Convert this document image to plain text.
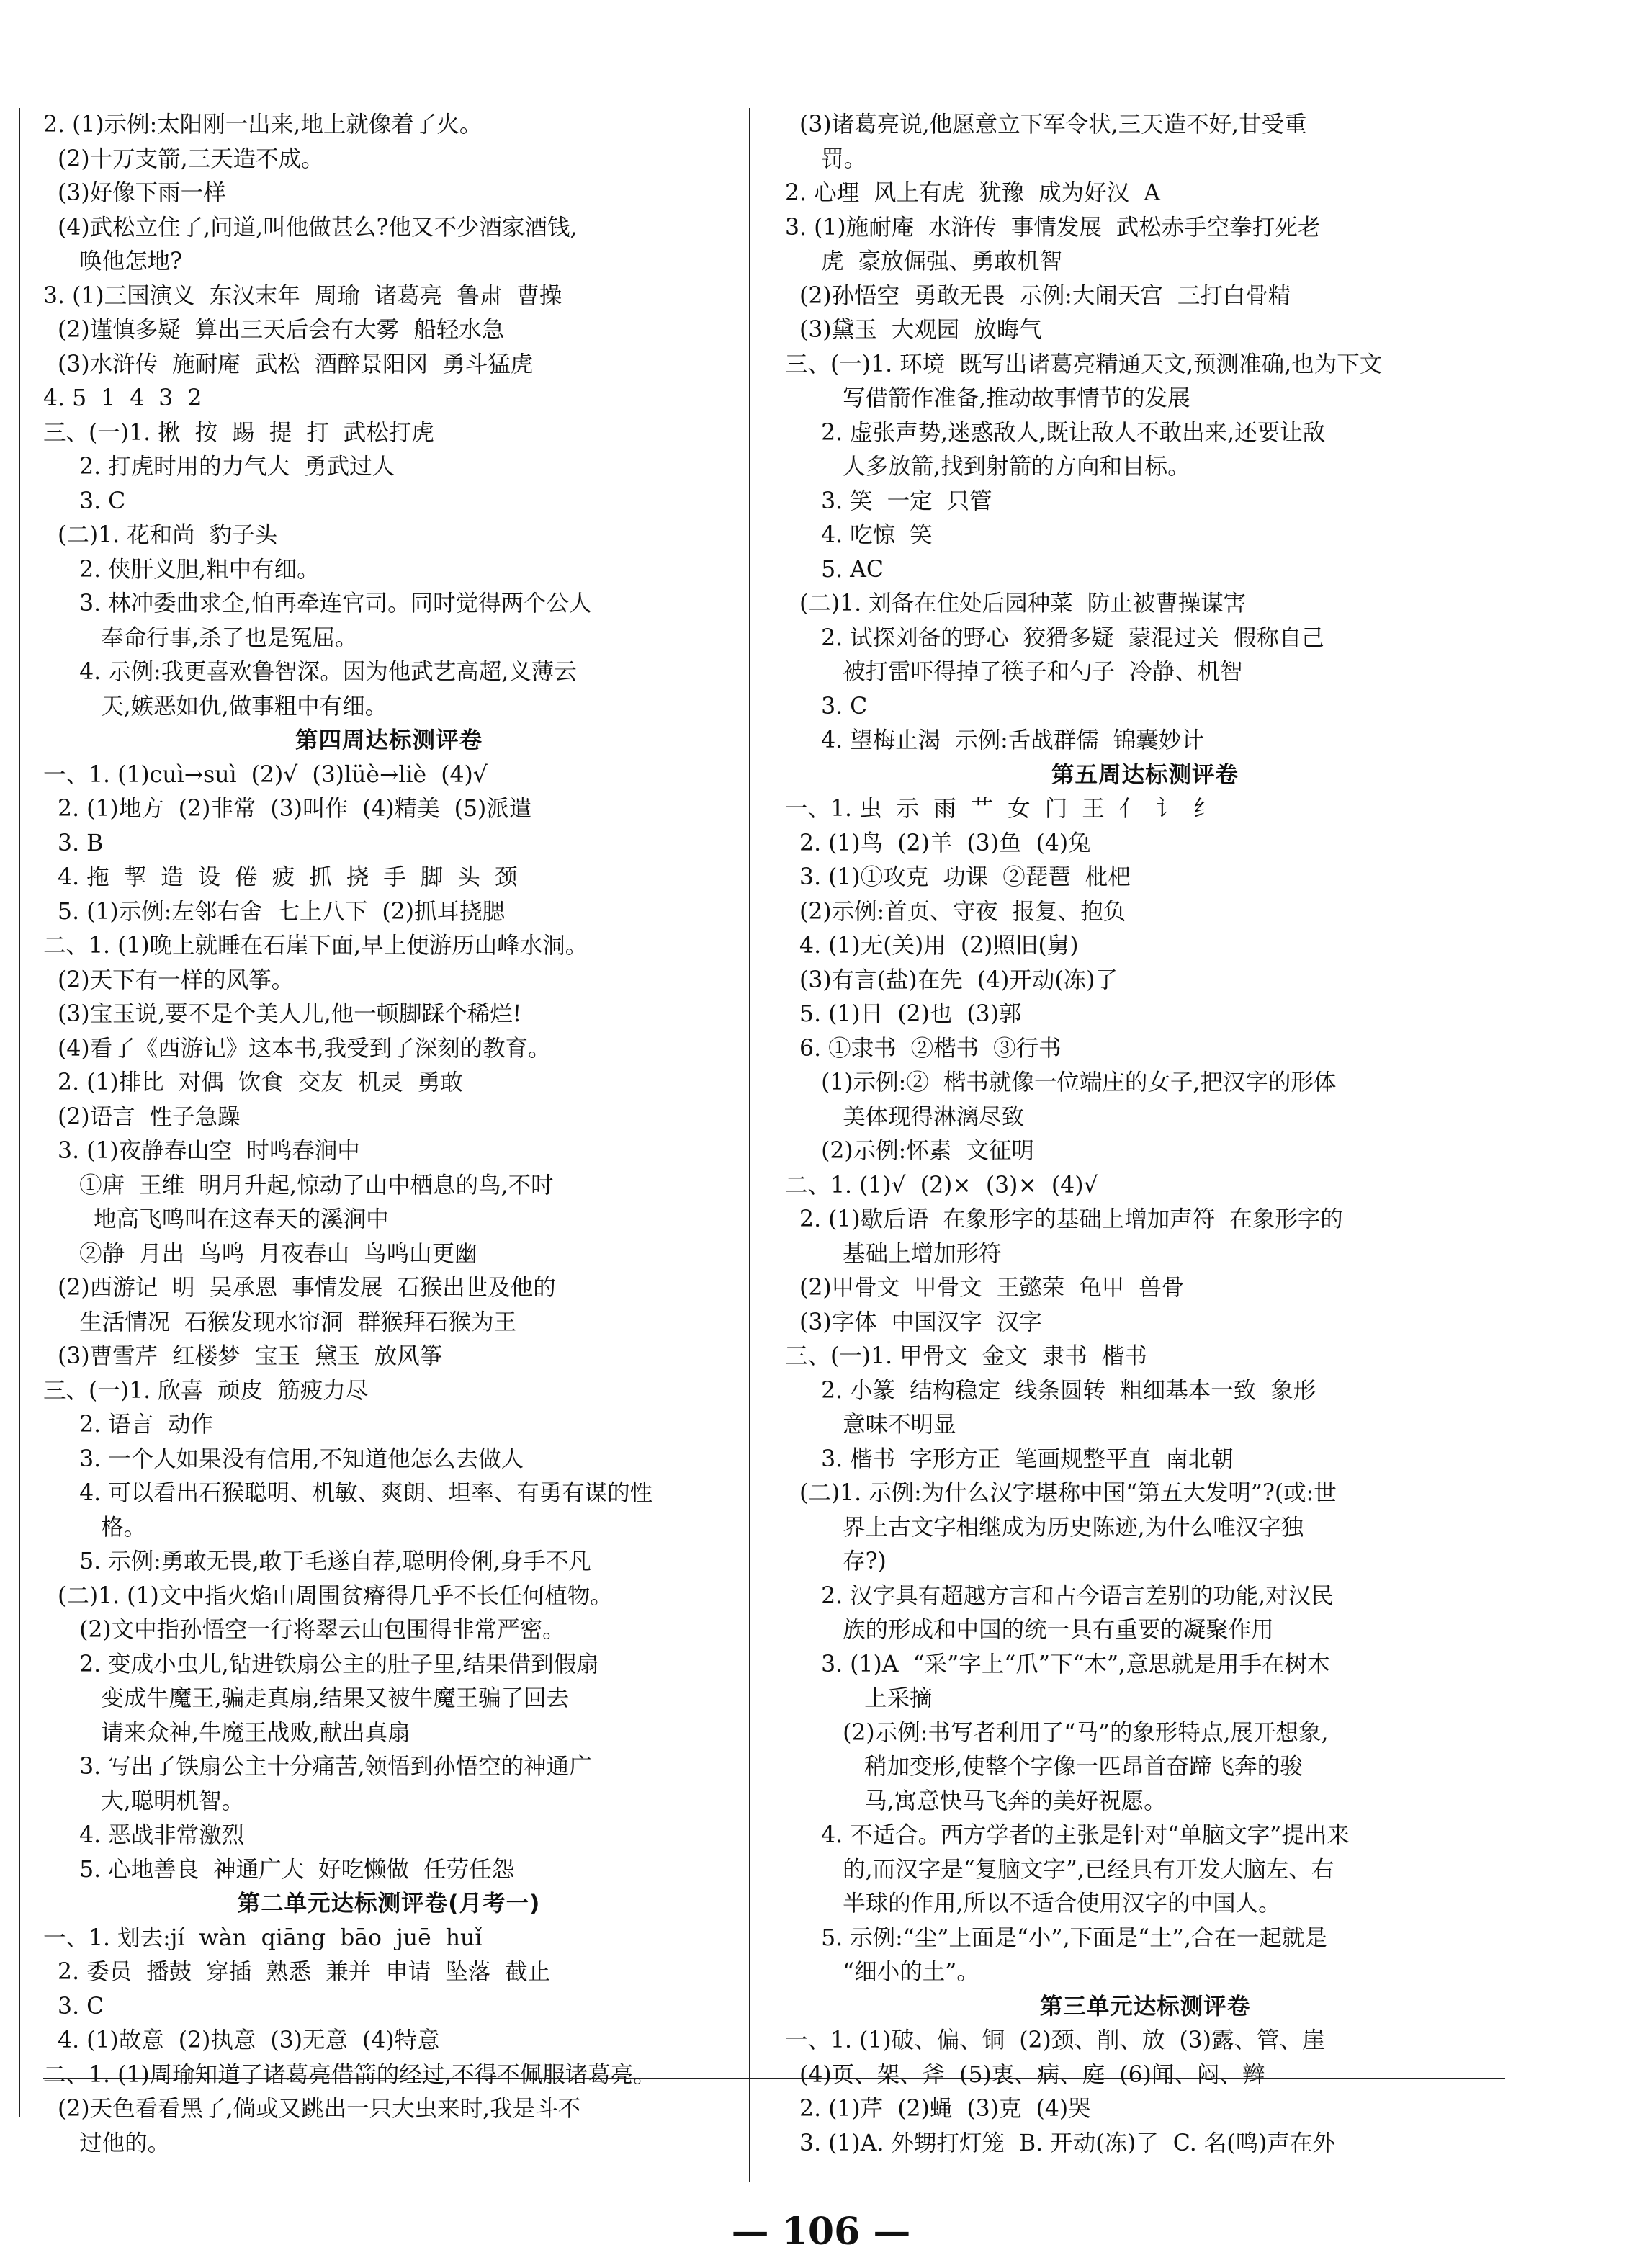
2. (1)示例:太阳刚一出来,地上就像着了火。
(2)十万支箭,三天造不成。
(3)好像下雨一样
(4)武松立住了,问道,叫他做甚么?他又不少酒家酒钱,
唤他怎地?
3. (1)三国演义  东汉末年  周瑜  诸葛亮  鲁肃  曹操
(2)谨慎多疑  算出三天后会有大雾  船轻水急
(3)水浒传  施耐庵  武松  酒醉景阳冈  勇斗猛虎
4. 5  1  4  3  2
三、(一)1. 揪  按  踢  提  打  武松打虎
2. 打虎时用的力气大  勇武过人
3. C
(二)1. 花和尚  豹子头
2. 侠肝义胆,粗中有细。
3. 林冲委曲求全,怕再牵连官司。同时觉得两个公人
奉命行事,杀了也是冤屈。
4. 示例:我更喜欢鲁智深。因为他武艺高超,义薄云
天,嫉恶如仇,做事粗中有细。
第四周达标测评卷
一、1. (1)cuì→suì  (2)√  (3)lüè→liè  (4)√
2. (1)地方  (2)非常  (3)叫作  (4)精美  (5)派遣
3. B
4. 拖  挈  造  设  倦  疲  抓  挠  手  脚  头  颈
5. (1)示例:左邻右舍  七上八下  (2)抓耳挠腮
二、1. (1)晚上就睡在石崖下面,早上便游历山峰水洞。
(2)天下有一样的风筝。
(3)宝玉说,要不是个美人儿,他一顿脚踩个稀烂!
(4)看了《西游记》这本书,我受到了深刻的教育。
2. (1)排比  对偶  饮食  交友  机灵  勇敢
(2)语言  性子急躁
3. (1)夜静春山空  时鸣春涧中
①唐  王维  明月升起,惊动了山中栖息的鸟,不时
地高飞鸣叫在这春天的溪涧中
②静  月出  鸟鸣  月夜春山  鸟鸣山更幽
(2)西游记  明  吴承恩  事情发展  石猴出世及他的
生活情况  石猴发现水帘洞  群猴拜石猴为王
(3)曹雪芹  红楼梦  宝玉  黛玉  放风筝
三、(一)1. 欣喜  顽皮  筋疲力尽
2. 语言  动作
3. 一个人如果没有信用,不知道他怎么去做人
4. 可以看出石猴聪明、机敏、爽朗、坦率、有勇有谋的性
格。
5. 示例:勇敢无畏,敢于毛遂自荐,聪明伶俐,身手不凡
(二)1. (1)文中指火焰山周围贫瘠得几乎不长任何植物。
(2)文中指孙悟空一行将翠云山包围得非常严密。
2. 变成小虫儿,钻进铁扇公主的肚子里,结果借到假扇
变成牛魔王,骗走真扇,结果又被牛魔王骗了回去
请来众神,牛魔王战败,献出真扇
3. 写出了铁扇公主十分痛苦,领悟到孙悟空的神通广
大,聪明机智。
4. 恶战非常激烈
5. 心地善良  神通广大  好吃懒做  任劳任怨
第二单元达标测评卷(月考一)
一、1. 划去:jí  wàn  qiāng  bāo  juē  huǐ
2. 委员  播鼓  穿插  熟悉  兼并  申请  坠落  截止
3. C
4. (1)故意  (2)执意  (3)无意  (4)特意
二、1. (1)周瑜知道了诸葛亮借箭的经过,不得不佩服诸葛亮。
(2)天色看看黑了,倘或又跳出一只大虫来时,我是斗不
过他的。
(3)诸葛亮说,他愿意立下军令状,三天造不好,甘受重
罚。
2. 心理  风上有虎  犹豫  成为好汉  A
3. (1)施耐庵  水浒传  事情发展  武松赤手空拳打死老
虎  豪放倔强、勇敢机智
(2)孙悟空  勇敢无畏  示例:大闹天宫  三打白骨精
(3)黛玉  大观园  放晦气
三、(一)1. 环境  既写出诸葛亮精通天文,预测准确,也为下文
写借箭作准备,推动故事情节的发展
2. 虚张声势,迷惑敌人,既让敌人不敢出来,还要让敌
人多放箭,找到射箭的方向和目标。
3. 笑  一定  只管
4. 吃惊  笑
5. AC
(二)1. 刘备在住处后园种菜  防止被曹操谋害
2. 试探刘备的野心  狡猾多疑  蒙混过关  假称自己
被打雷吓得掉了筷子和勺子  冷静、机智
3. C
4. 望梅止渴  示例:舌战群儒  锦囊妙计
第五周达标测评卷
一、1. 虫  示  雨  艹  女  门  王  亻  讠  纟
2. (1)鸟  (2)羊  (3)鱼  (4)兔
3. (1)①攻克  功课  ②琵琶  枇杷
(2)示例:首页、守夜  报复、抱负
4. (1)无(关)用  (2)照旧(舅)
(3)有言(盐)在先  (4)开动(冻)了
5. (1)日  (2)也  (3)郭
6. ①隶书  ②楷书  ③行书
(1)示例:②  楷书就像一位端庄的女子,把汉字的形体
美体现得淋漓尽致
(2)示例:怀素  文征明
二、1. (1)√  (2)×  (3)×  (4)√
2. (1)歇后语  在象形字的基础上增加声符  在象形字的
基础上增加形符
(2)甲骨文  甲骨文  王懿荣  龟甲  兽骨
(3)字体  中国汉字  汉字
三、(一)1. 甲骨文  金文  隶书  楷书
2. 小篆  结构稳定  线条圆转  粗细基本一致  象形
意味不明显
3. 楷书  字形方正  笔画规整平直  南北朝
(二)1. 示例:为什么汉字堪称中国“第五大发明”?(或:世
界上古文字相继成为历史陈迹,为什么唯汉字独
存?)
2. 汉字具有超越方言和古今语言差别的功能,对汉民
族的形成和中国的统一具有重要的凝聚作用
3. (1)A  “采”字上“爪”下“木”,意思就是用手在树木
上采摘
(2)示例:书写者利用了“马”的象形特点,展开想象,
稍加变形,使整个字像一匹昂首奋蹄飞奔的骏
马,寓意快马飞奔的美好祝愿。
4. 不适合。西方学者的主张是针对“单脑文字”提出来
的,而汉字是“复脑文字”,已经具有开发大脑左、右
半球的作用,所以不适合使用汉字的中国人。
5. 示例:“尘”上面是“小”,下面是“土”,合在一起就是
“细小的土”。
第三单元达标测评卷
一、1. (1)破、偏、铜  (2)颈、削、放  (3)露、管、崖
(4)页、架、斧  (5)衷、病、庭  (6)闻、闷、辫
2. (1)芹  (2)蝇  (3)克  (4)哭
3. (1)A. 外甥打灯笼  B. 开动(冻)了  C. 名(鸣)声在外
— 106 —
